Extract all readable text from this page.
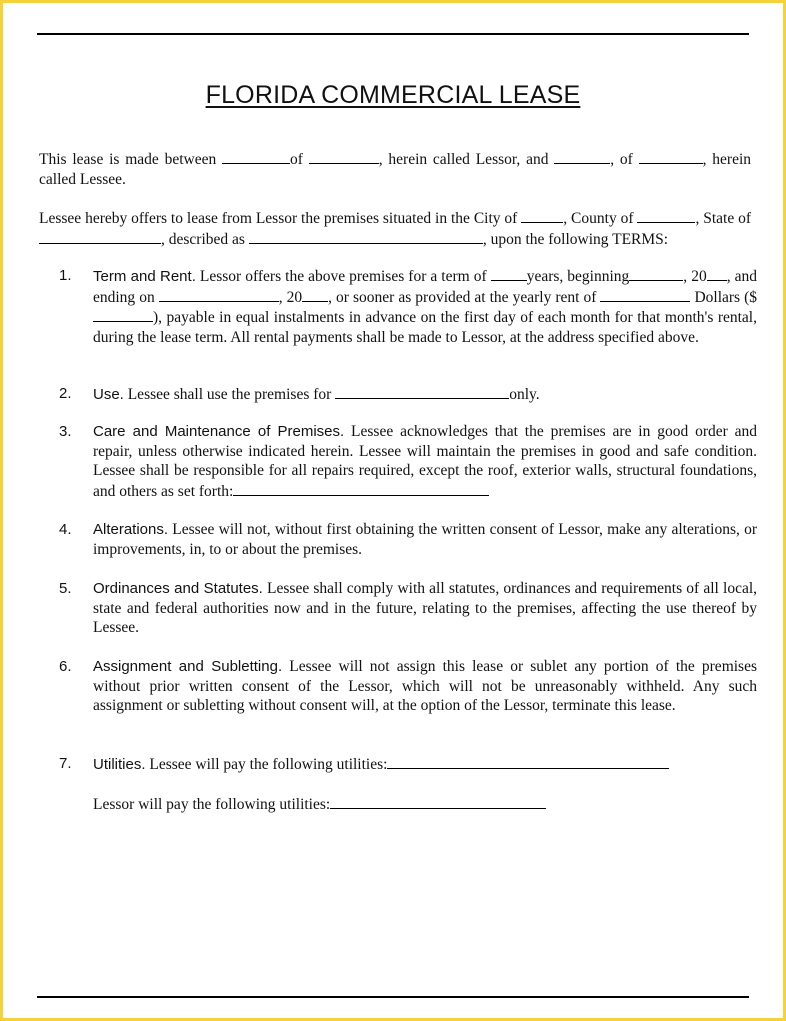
FLORIDA COMMERCIAL LEASE
This lease is made between	of	, herein called Lessor, and	, of	, herein called Lessee.
Lessee hereby offers to lease from Lessor the premises situated in the City of	, County of	, State of , described as	, upon the following TERMS:
1. Term and Rent. Lessor offers the above premises for a term of	years, beginning	, 20 , and ending on	, 20 , or sooner as provided at the yearly rent of	Dollars ($), payable in equal instalments in advance on the first day of each month for that month's rental, during the lease term. All rental payments shall be made to Lessor, at the address specified above.
2. Use. Lessee shall use the premises for	only.
3. Care and Maintenance of Premises. Lessee acknowledges that the premises are in good order and repair, unless otherwise indicated herein. Lessee will maintain the premises in good and safe condition. Lessee shall be responsible for all repairs required, except the roof, exterior walls, structural foundations, and others as set forth:
4. Alterations. Lessee will not, without first obtaining the written consent of Lessor, make any alterations, or improvements, in, to or about the premises.
5. Ordinances and Statutes. Lessee shall comply with all statutes, ordinances and requirements of all local, state and federal authorities now and in the future, relating to the premises, affecting the use thereof by Lessee.
6. Assignment and Subletting. Lessee will not assign this lease or sublet any portion of the premises without prior written consent of the Lessor, which will not be unreasonably withheld. Any such assignment or subletting without consent will, at the option of the Lessor, terminate this lease.
7. Utilities. Lessee will pay the following utilities:
Lessor will pay the following utilities:
